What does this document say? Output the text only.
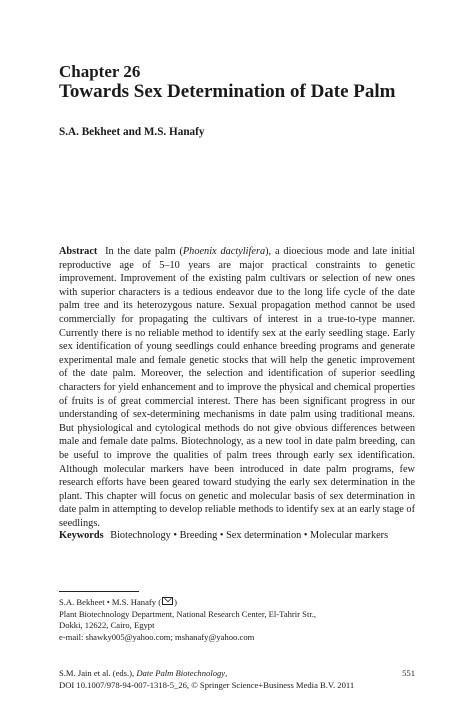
Chapter 26
Towards Sex Determination of Date Palm
S.A. Bekheet and M.S. Hanafy
Abstract In the date palm (Phoenix dactylifera), a dioecious mode and late initial reproductive age of 5–10 years are major practical constraints to genetic improvement. Improvement of the existing palm cultivars or selection of new ones with superior characters is a tedious endeavor due to the long life cycle of the date palm tree and its heterozygous nature. Sexual propagation method cannot be used commercially for propagating the cultivars of interest in a true-to-type manner. Currently there is no reliable method to identify sex at the early seedling stage. Early sex identification of young seedlings could enhance breeding programs and generate experimental male and female genetic stocks that will help the genetic improvement of the date palm. Moreover, the selection and identification of superior seedling characters for yield enhancement and to improve the physical and chemical properties of fruits is of great commercial interest. There has been significant progress in our understanding of sex-determining mechanisms in date palm using traditional means. But physiological and cytological methods do not give obvious differences between male and female date palms. Biotechnology, as a new tool in date palm breeding, can be useful to improve the qualities of palm trees through early sex identification. Although molecular markers have been introduced in date palm programs, few research efforts have been geared toward studying the early sex determination in the plant. This chapter will focus on genetic and molecular basis of sex determination in date palm in attempting to develop reliable methods to identify sex at an early stage of seedlings.
Keywords Biotechnology • Breeding • Sex determination • Molecular markers
S.A. Bekheet • M.S. Hanafy ( )
Plant Biotechnology Department, National Research Center, El-Tahrir Str.,
Dokki, 12622, Cairo, Egypt
e-mail: shawky005@yahoo.com; mshanafy@yahoo.com
S.M. Jain et al. (eds.), Date Palm Biotechnology,
DOI 10.1007/978-94-007-1318-5_26, © Springer Science+Business Media B.V. 2011
551
